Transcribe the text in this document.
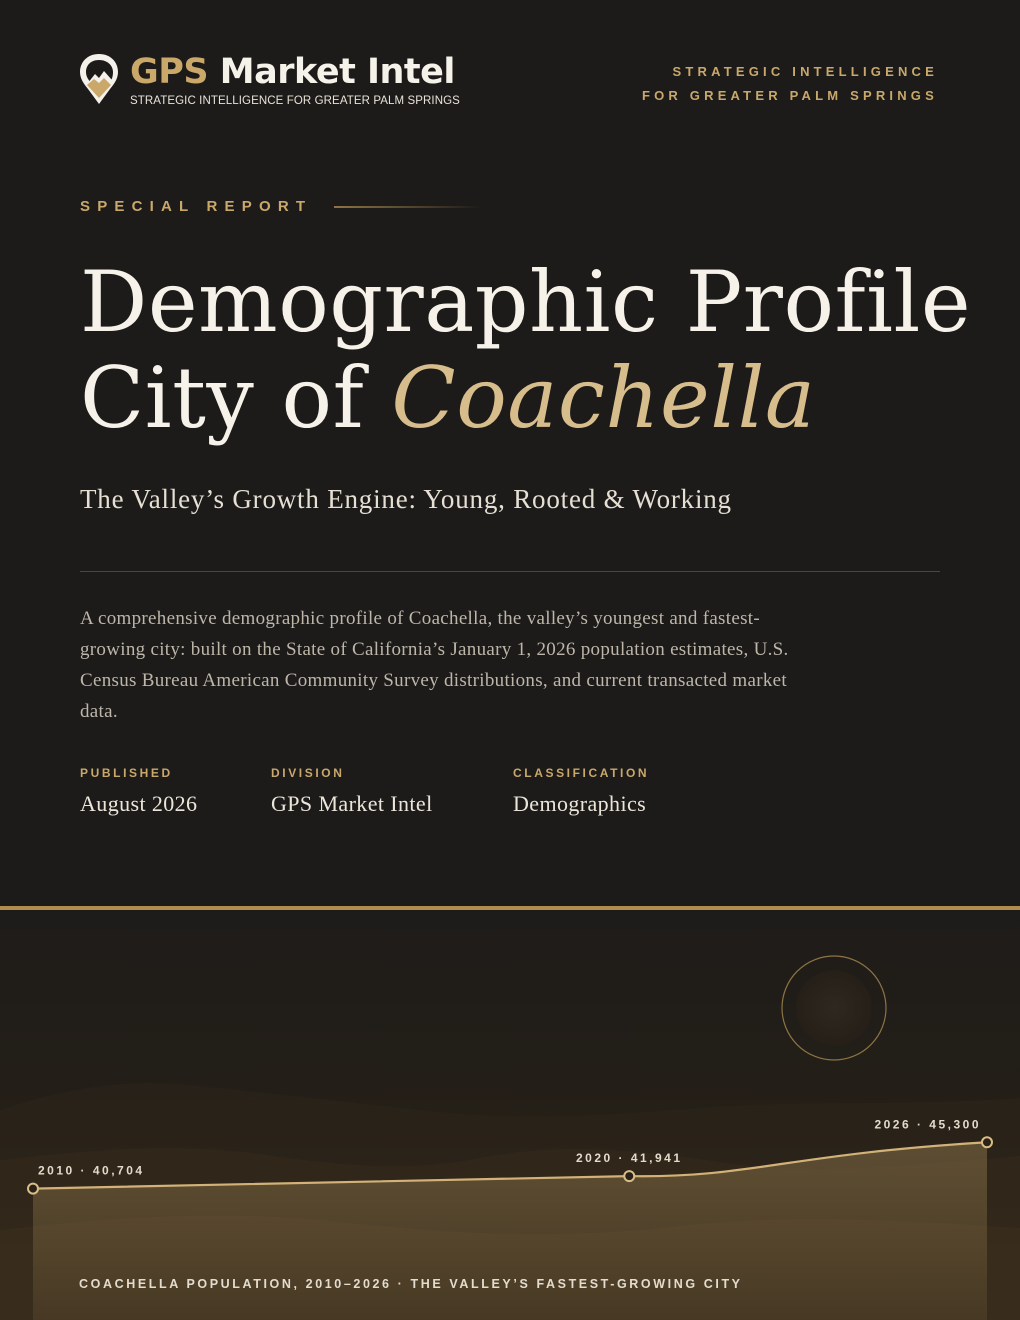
GPS Market Intel
STRATEGIC INTELLIGENCE FOR GREATER PALM SPRINGS
STRATEGIC INTELLIGENCE
FOR GREATER PALM SPRINGS
SPECIAL REPORT
Demographic Profile
City of Coachella
The Valley’s Growth Engine: Young, Rooted & Working
A comprehensive demographic profile of Coachella, the valley’s youngest and fastest-growing city: built on the State of California’s January 1, 2026 population estimates, U.S. Census Bureau American Community Survey distributions, and current transacted market data.
PUBLISHED
August 2026
DIVISION
GPS Market Intel
CLASSIFICATION
Demographics
2010 · 40,704
2020 · 41,941
2026 · 45,300
COACHELLA POPULATION, 2010–2026 · THE VALLEY’S FASTEST-GROWING CITY
